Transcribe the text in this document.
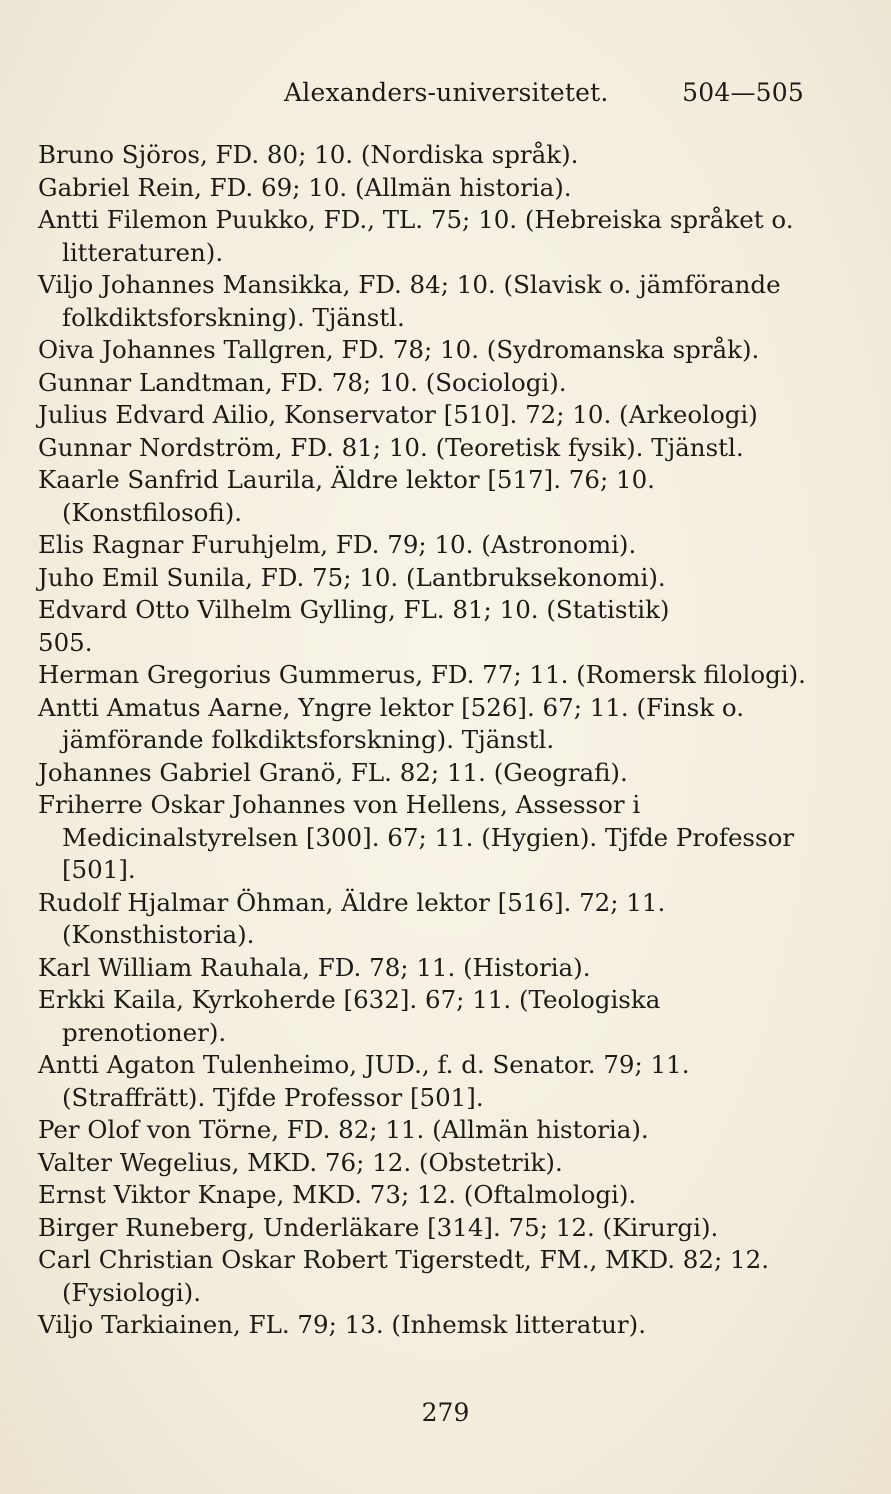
Alexanders-universitetet.	504—505
Bruno Sjöros, FD. 80; 10. (Nordiska språk).
Gabriel Rein, FD. 69; 10. (Allmän historia).
Antti Filemon Puukko, FD., TL. 75; 10. (Hebreiska språket o. litteraturen).
Viljo Johannes Mansikka, FD. 84; 10. (Slavisk o. jämförande folkdiktsforskning). Tjänstl.
Oiva Johannes Tallgren, FD. 78; 10. (Sydromanska språk).
Gunnar Landtman, FD. 78; 10. (Sociologi).
Julius Edvard Ailio, Konservator [510]. 72; 10. (Arkeologi)
Gunnar Nordström, FD. 81; 10. (Teoretisk fysik). Tjänstl.
Kaarle Sanfrid Laurila, Äldre lektor [517]. 76; 10. (Konstfilosofi).
Elis Ragnar Furuhjelm, FD. 79; 10. (Astronomi).
Juho Emil Sunila, FD. 75; 10. (Lantbruksekonomi).
Edvard Otto Vilhelm Gylling, FL. 81; 10. (Statistik)
505.
Herman Gregorius Gummerus, FD. 77; 11. (Romersk filologi).
Antti Amatus Aarne, Yngre lektor [526]. 67; 11. (Finsk o. jämförande folkdiktsforskning). Tjänstl.
Johannes Gabriel Granö, FL. 82; 11. (Geografi).
Friherre Oskar Johannes von Hellens, Assessor i Medicinalstyrelsen [300]. 67; 11. (Hygien). Tjfde Professor [501].
Rudolf Hjalmar Öhman, Äldre lektor [516]. 72; 11. (Konsthistoria).
Karl William Rauhala, FD. 78; 11. (Historia).
Erkki Kaila, Kyrkoherde [632]. 67; 11. (Teologiska prenotioner).
Antti Agaton Tulenheimo, JUD., f. d. Senator. 79; 11. (Straffrätt). Tjfde Professor [501].
Per Olof von Törne, FD. 82; 11. (Allmän historia).
Valter Wegelius, MKD. 76; 12. (Obstetrik).
Ernst Viktor Knape, MKD. 73; 12. (Oftalmologi).
Birger Runeberg, Underläkare [314]. 75; 12. (Kirurgi).
Carl Christian Oskar Robert Tigerstedt, FM., MKD. 82; 12. (Fysiologi).
Viljo Tarkiainen, FL. 79; 13. (Inhemsk litteratur).
279
